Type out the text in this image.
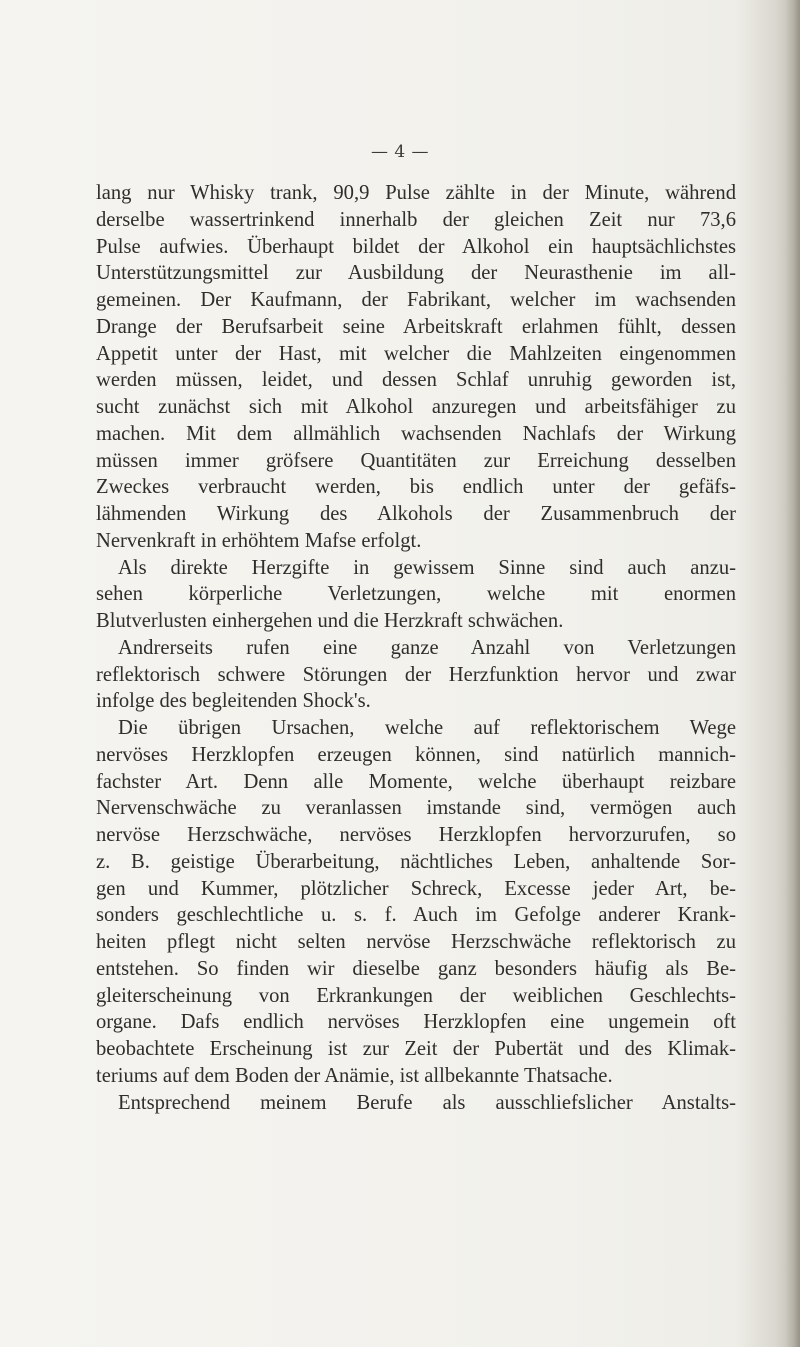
— 4 —
lang nur Whisky trank, 90,9 Pulse zählte in der Minute, während
derselbe wassertrinkend innerhalb der gleichen Zeit nur 73,6
Pulse aufwies. Überhaupt bildet der Alkohol ein hauptsächlichstes
Unterstützungsmittel zur Ausbildung der Neurasthenie im all-
gemeinen. Der Kaufmann, der Fabrikant, welcher im wachsenden
Drange der Berufsarbeit seine Arbeitskraft erlahmen fühlt, dessen
Appetit unter der Hast, mit welcher die Mahlzeiten eingenommen
werden müssen, leidet, und dessen Schlaf unruhig geworden ist,
sucht zunächst sich mit Alkohol anzuregen und arbeitsfähiger zu
machen. Mit dem allmählich wachsenden Nachlafs der Wirkung
müssen immer gröfsere Quantitäten zur Erreichung desselben
Zweckes verbraucht werden, bis endlich unter der gefäfs-
lähmenden Wirkung des Alkohols der Zusammenbruch der
Nervenkraft in erhöhtem Mafse erfolgt.
Als direkte Herzgifte in gewissem Sinne sind auch anzu-
sehen körperliche Verletzungen, welche mit enormen
Blutverlusten einhergehen und die Herzkraft schwächen.
Andrerseits rufen eine ganze Anzahl von Verletzungen
reflektorisch schwere Störungen der Herzfunktion hervor und zwar
infolge des begleitenden Shock's.
Die übrigen Ursachen, welche auf reflektorischem Wege
nervöses Herzklopfen erzeugen können, sind natürlich mannich-
fachster Art. Denn alle Momente, welche überhaupt reizbare
Nervenschwäche zu veranlassen imstande sind, vermögen auch
nervöse Herzschwäche, nervöses Herzklopfen hervorzurufen, so
z. B. geistige Überarbeitung, nächtliches Leben, anhaltende Sor-
gen und Kummer, plötzlicher Schreck, Excesse jeder Art, be-
sonders geschlechtliche u. s. f. Auch im Gefolge anderer Krank-
heiten pflegt nicht selten nervöse Herzschwäche reflektorisch zu
entstehen. So finden wir dieselbe ganz besonders häufig als Be-
gleiterscheinung von Erkrankungen der weiblichen Geschlechts-
organe. Dafs endlich nervöses Herzklopfen eine ungemein oft
beobachtete Erscheinung ist zur Zeit der Pubertät und des Klimak-
teriums auf dem Boden der Anämie, ist allbekannte Thatsache.
Entsprechend meinem Berufe als ausschliefslicher Anstalts-
